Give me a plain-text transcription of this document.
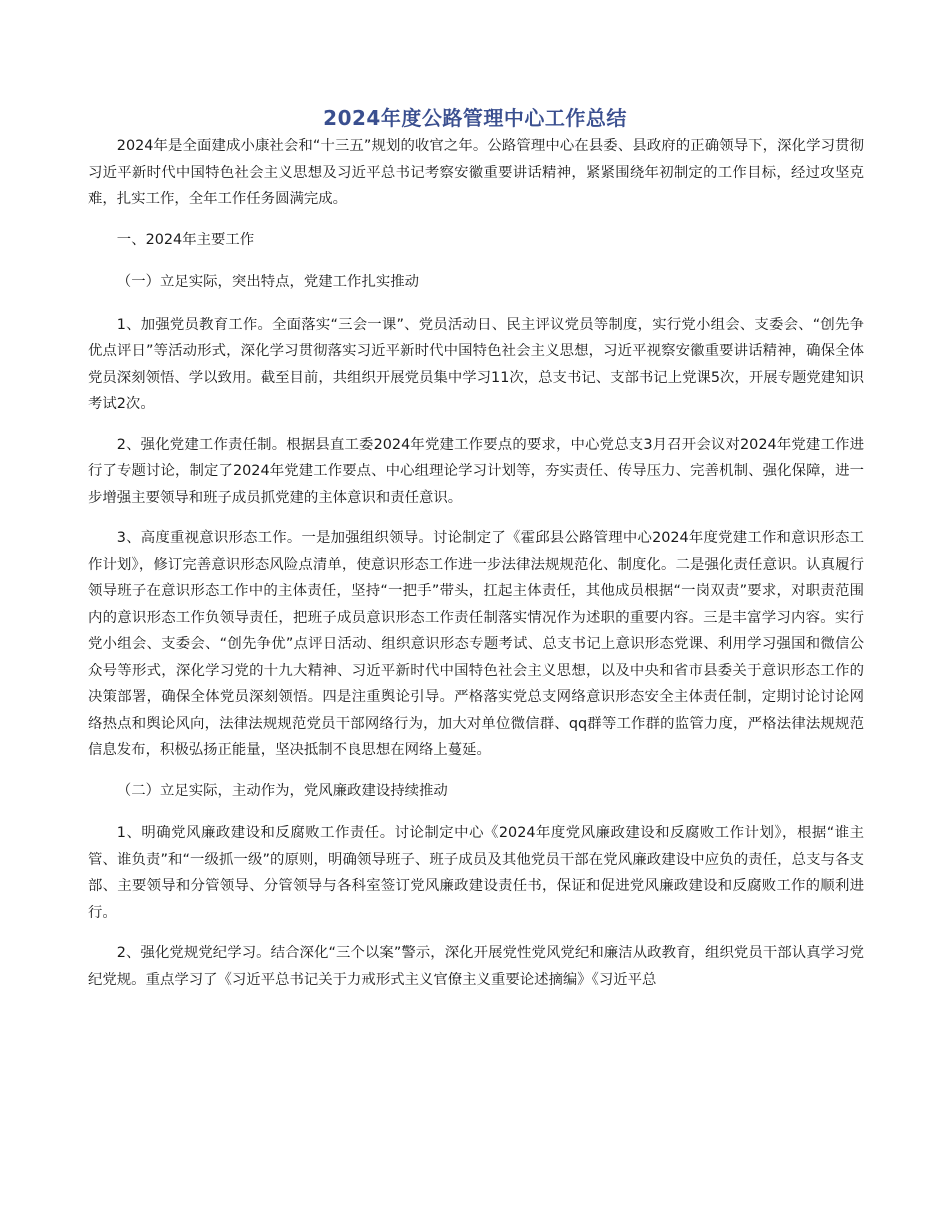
2024年度公路管理中心工作总结

2024年是全面建成小康社会和“十三五”规划的收官之年。公路管理中心在县委、县政府的正确领导下，深化学习贯彻习近平新时代中国特色社会主义思想及习近平总书记考察安徽重要讲话精神，紧紧围绕年初制定的工作目标，经过攻坚克难，扎实工作，全年工作任务圆满完成。

一、2024年主要工作

（一）立足实际，突出特点，党建工作扎实推动

1、加强党员教育工作。全面落实“三会一课”、党员活动日、民主评议党员等制度，实行党小组会、支委会、“创先争优点评日”等活动形式，深化学习贯彻落实习近平新时代中国特色社会主义思想，习近平视察安徽重要讲话精神，确保全体党员深刻领悟、学以致用。截至目前，共组织开展党员集中学习11次，总支书记、支部书记上党课5次，开展专题党建知识考试2次。

2、强化党建工作责任制。根据县直工委2024年党建工作要点的要求，中心党总支3月召开会议对2024年党建工作进行了专题讨论，制定了2024年党建工作要点、中心组理论学习计划等，夯实责任、传导压力、完善机制、强化保障，进一步增强主要领导和班子成员抓党建的主体意识和责任意识。

3、高度重视意识形态工作。一是加强组织领导。讨论制定了《霍邱县公路管理中心2024年度党建工作和意识形态工作计划》，修订完善意识形态风险点清单，使意识形态工作进一步法律法规规范化、制度化。二是强化责任意识。认真履行领导班子在意识形态工作中的主体责任，坚持“一把手”带头，扛起主体责任，其他成员根据“一岗双责”要求，对职责范围内的意识形态工作负领导责任，把班子成员意识形态工作责任制落实情况作为述职的重要内容。三是丰富学习内容。实行党小组会、支委会、“创先争优”点评日活动、组织意识形态专题考试、总支书记上意识形态党课、利用学习强国和微信公众号等形式，深化学习党的十九大精神、习近平新时代中国特色社会主义思想，以及中央和省市县委关于意识形态工作的决策部署，确保全体党员深刻领悟。四是注重舆论引导。严格落实党总支网络意识形态安全主体责任制，定期讨论讨论网络热点和舆论风向，法律法规规范党员干部网络行为，加大对单位微信群、qq群等工作群的监管力度，严格法律法规规范信息发布，积极弘扬正能量，坚决抵制不良思想在网络上蔓延。

（二）立足实际，主动作为，党风廉政建设持续推动

1、明确党风廉政建设和反腐败工作责任。讨论制定中心《2024年度党风廉政建设和反腐败工作计划》，根据“谁主管、谁负责”和“一级抓一级”的原则，明确领导班子、班子成员及其他党员干部在党风廉政建设中应负的责任，总支与各支部、主要领导和分管领导、分管领导与各科室签订党风廉政建设责任书，保证和促进党风廉政建设和反腐败工作的顺利进行。

2、强化党规党纪学习。结合深化“三个以案”警示，深化开展党性党风党纪和廉洁从政教育，组织党员干部认真学习党纪党规。重点学习了《习近平总书记关于力戒形式主义官僚主义重要论述摘编》《习近平总
